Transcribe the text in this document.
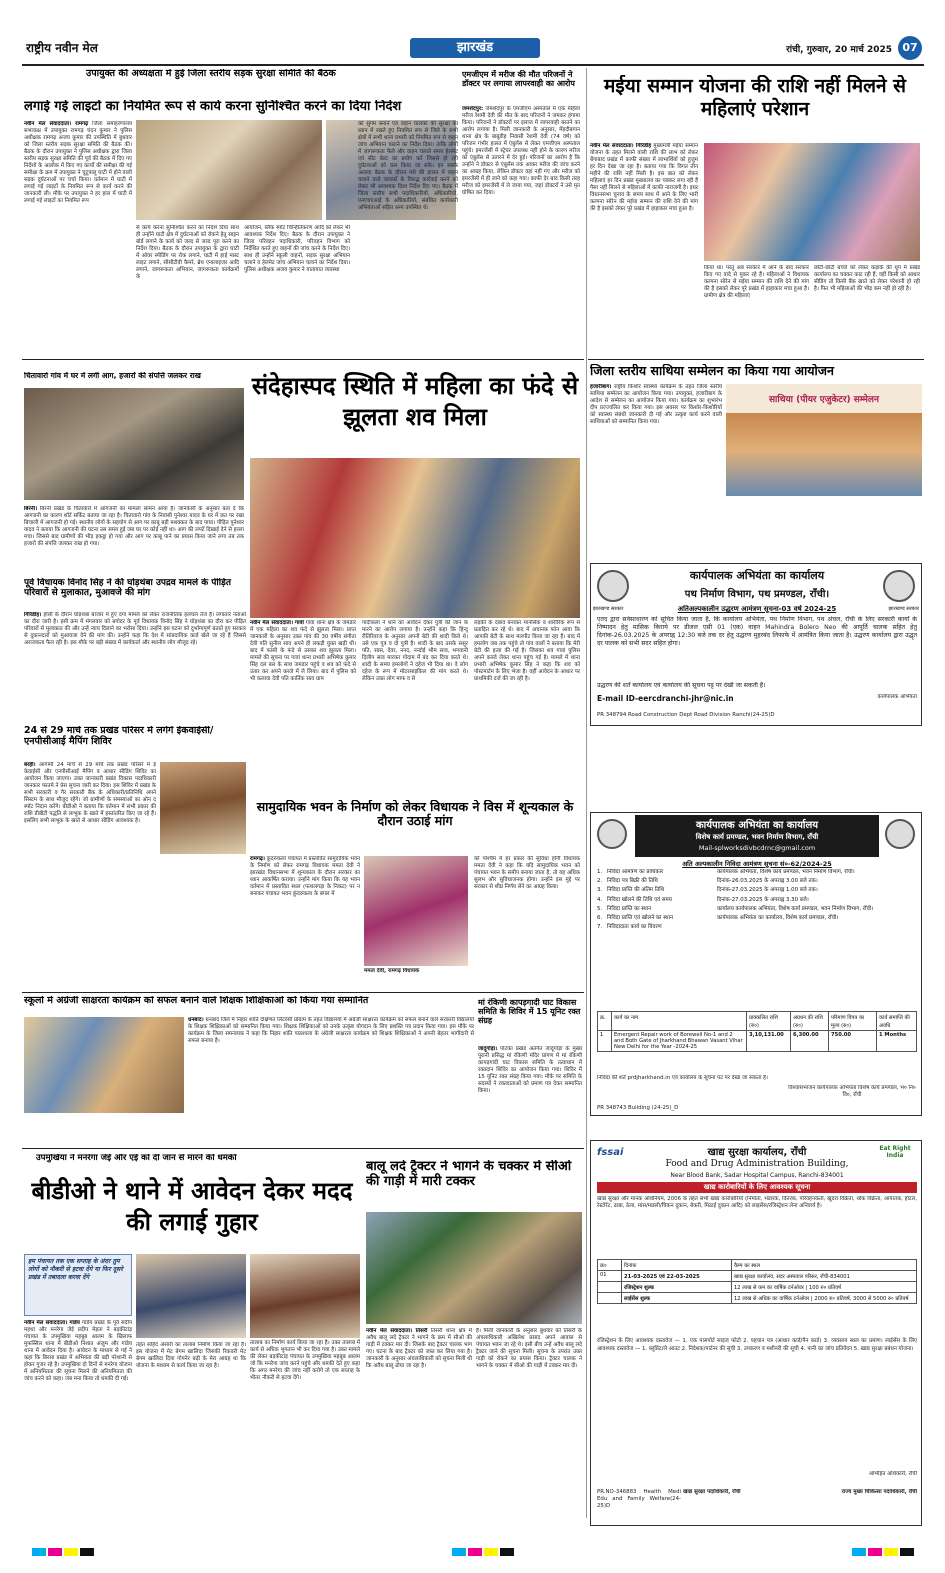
राष्ट्रीय नवीन मेल	झारखंड	रांची, गुरुवार, 20 मार्च 2025 07
उपायुक्त की अध्यक्षता में हुई जिला स्तरीय सड़क सुरक्षा समिति की बैठक
लगाई गई लाइटों का नियमित रूप से कार्य करना सुनिश्चित करने का दिया निर्देश
नवीन मेल संवाददाता। रामगढ़ जिला समाहरणालय सभाकक्ष में उपायुक्त रामगढ़ चंदन कुमार ने पुलिस अधीक्षक रामगढ़ अजय कुमार की उपस्थिति में बुधवार को जिला स्तरीय सड़क सुरक्षा समिति की बैठक की। बैठक के दौरान उपायुक्त ने पुलिस अधीक्षक द्वारा जिला स्तरीय सड़क सुरक्षा समिति की पूर्व की बैठक में दिए गए निर्देशों के आलोक में किए गए कार्यों की समीक्षा की गई समीक्षा के क्रम में उपायुक्त ने चुटूपालू घाटी में होने वाली सड़क दुर्घटनाओं पर चर्चा किया। वर्तमान में घाटी में लगाई गई लाइटों के नियमित रूप से कार्य करने की जानकारी ली। मौके पर उपायुक्त ने हर हाल में घाटी में लगाई गई लाइटों का नियमित रूप
से कार्य करना सुनिश्चित करने का निर्देश दिया साथ ही उन्होंने घाटी क्षेत्र में दुर्घटनाओं को रोकने हेतु साइन बोर्ड लगाने के कार्य को जल्द से जल्द पूरा करने का निर्देश दिया। बैठक के दौरान उपायुक्त के द्वारा घाटी में ओवर स्पीडिंग पर रोक लगाने, घाटी में हाई मास्ट लाइट लगाने, सीसीटीवी कैमरे, ब्रेथ एनालाइजर आदि लगाने, जागरूकता अभियान, जागरूकता कार्यक्रमों के
आयोजन, ब्लैक स्पॉट चिन्हितिकरण आदि को लेकर भी आवश्यक निर्देश दिए। बैठक के दौरान उपायुक्त ने जिला परिवहन पदाधिकारी, परिवहन विभाग को निर्देशित करते हुए वाहनों की जांच करने के निर्देश दिए। साथ ही उन्होंने स्कूली वाहनों, सड़क सुरक्षा अभियान चलाने व हेलमेट जांच अभियान चलाने का निर्देश दिया। पुलिस अधीक्षक अजय कुमार ने यातायात व्यवस्था
को सुगम बनाने एवं वाहन चालकों की सुरक्षा को ध्यान में रखते हुए नियमित रूप से जिले के सभी क्षेत्रों में सभी थाना प्रभारी को नियमित रूप से वाहन जांच अभियान चलाने का निर्देश दिया। ताकि लोगों में जागरूकता फैले और वाहन चलाते समय हेलमेट एवं सीट बेल्ट का प्रयोग करें जिससे हो रही दुर्घटनाओं को कम किया जा सके। इन सबके अलावा बैठक के दौरान नशे की हालत में वाहन चलाने वाले चालकों के विरुद्ध कार्रवाई करने को लेकर भी आवश्यक दिशा निर्देश दिए गए। बैठक में जिला स्तरीय सभी पदाधिकारियों, अधिकारियों, एनएचएआई के अधिकारियों, संबंधित कार्यकारी अभियंताओं सहित अन्य उपस्थित थे।
एमजीएम में मरीज की मौत परिजनों ने डॉक्टर पर लगाया लापरवाही का आरोप
जमशेदपुर: जमशेदपुर के एमजीएम अस्पताल में एक महिला मरीज रेशमी देवी की मौत के बाद परिजनों ने जमकर हंगामा किया। परिजनों ने डॉक्टरों पर इलाज में लापरवाही बरतने का आरोप लगाया है। मिली जानकारी के अनुसार, मेंहदीबगान थाना क्षेत्र के बाबूडीह निवासी रेशमी देवी (74 वर्ष) को परिजन गंभीर हालत में एंबुलेंस से लेकर एमजीएम अस्पताल पहुंचे। इमरजेंसी में स्ट्रेचर उपलब्ध नहीं होने के कारण मरीज को एंबुलेंस से उतारने में देर हुई। परिजनों का आरोप है कि उन्होंने ने डॉक्टर से एंबुलेंस तक आकर मरीज की जांच करने का आग्रह किया, लेकिन डॉक्टर वहां नहीं गए और मरीज को इमरजेंसी में ही लाने को कहा गया। काफी देर बाद किसी तरह मरीज को इमरजेंसी में ले जाया गया, जहां डॉक्टरों ने उसे मृत घोषित कर दिया।
मईया सम्मान योजना की राशि नहीं मिलने से महिलाएं परेशान
नवीन मेल संवाददाता। गिरिडीह मुख्यमंत्री मंईयां सम्मान योजना के तहत मिलने वाली राशि की लाभ को लेकर बेंगाबाद प्रखंड में काफी संख्या में लाभार्थियों को हुजुम हर दिन देखा जा रहा है। बताया गया कि विगत तीन महीने की राशि नहीं मिली है। इस बात को लेकर महिलाएं हर दिन प्रखंड मुख्यालय का चक्कर लगा रही हैं पैसा नहीं मिलने से महिलाओं में काफी नाराजगी है। इधर विधानसभा चुनाव के समय साथ में आने के लिए भारी कल्पना सोरेन की मईया सम्मान की राशि देने की मांग की है इसको लेकर पूरे प्रखंड में हाहाकार मचा हुआ है।
किया था। परंतु अब सरकार में आने के बाद सरकार किए गए वादे से मुकर रहे हैं। महिलाओं ने विधायक कल्पना सोरेन से मईया सम्मान की राशि देने की मांग की है इसको लेकर पूरे प्रखंड में हाहाकार मचा हुआ है। ग्रामीण क्षेत्र की महिलाएं
छोटी-छोटी बच्चों को लेकर कड़ाके की धूप में प्रखंड कार्यालय का चक्कर काट रही हैं, वहीं किसी को आधार सीडिंग तो किसी बैंक खाते को लेकर परेशानी हो रही है। फिर भी महिलाओं की भीड़ कम नहीं हो रही है।
चितावारो गांव में घर में लगी आग, हजारों की संपत्ति जलकर राख
बिरनी। बिरनी प्रखंड के चितावारो में आगजनी का मामला सामने आया है। जानकारी के अनुसार बता दें कि आगजनी का कारण शॉर्ट सर्किट बताया जा रहा है। चितावारो गांव के निवासी पुनेश्वर यादव के घर में छत पर रखा बिचाली में आगजनी हो गई। स्थानीय लोगों के सहयोग से आग पर काबू बड़ी मशक्कत के बाद पाया। पीड़ित पुनेश्वर यादव ने बताया कि आगजनी की घटना उस समय हुई जब घर पर कोई नहीं था। आग की लपटें दिखाई देने से हल्ला मचा। जिससे बाद ग्रामीणों की भीड़ इकट्ठा हो गया और आग पर काबू पाने का प्रयास किया जाने लगा तब तक हजारों की संपत्ति जलकर राख हो गया।
संदेहास्पद स्थिति में महिला का फंदे से झूलता शव मिला
नवीन मेल संवाददाता। गावां गावां थाना क्षेत्र के जमडार में एक महिला का शव फंदे से झूलता मिला। प्राप्त जानकारी के अनुसार उक्त गांव की 30 वर्षीय संगीता देवी पति सुनील साव अपने ही लकड़ी युक्त खड़ी थी। बाद में फांसी के फंदे से उसका शव झूलता मिला। मामले की सूचना पर गावां थाना प्रभारी अभिषेक कुमार सिंह दल बल के साथ जमडार पहुंचे व शव को फंदे से उतार कर अपने कब्जे में ले लिया। बाद में पुलिस को भी कलावा देवी पति कार्तिक साव ग्राम
गादीकला ने थाने को आवेदन देकर पुत्री की जान के मारने का आरोप लगाया है। उन्होंने कहा कि हिन्दू रीतिरिवाज के अनुसार अपनी बेटी की शादी किये थे। उसे एक पुत्र व दो पुत्री है। शादी के बाद उसके ससुर पति, सास, देवर, ननद, नन्दोई भीम साव, भगवानी दिलीप साव मारकर गोदाम में बंद कर दिया करते थे। शादी के समय हमलोगों ने दहेज भी दिया था। वे लोग दहेज के रूप में मोटरसाइकिल की मांग करते थे। लेकिन उक्त लोग माफ व से
लड़की के दबाव बनाकर मानसिक व शारीरिक रूप से प्रताड़ित कर रहे थे। बाद में अचानक फोन आया कि आपकी बेटी के साथ मारपीट किया जा रहा है। बाद में हमलोग जब तक पहुंचे तो गांव वालों ने बताया कि मेरी बेटी की हत्या की गई है। जिसका शव गावां पुलिस अपने कब्जे लेकर थाना पहुंच गई है। मामले में थाना प्रभारी अभिषेक कुमार सिंह ने कहा कि शव को पोस्टमार्टम के लिए भेजा है। वहीं आवेदन के आधार पर प्राथमिकी दर्ज की जा रही है।
पूर्व विधायक विनोद सिंह ने की घोड़थंबा उपद्रव मामले के पीड़ित परिवारों से मुलाकात, मुआवजे की मांग
गिरिडीह। होली के दौरान घोड़थंबा बाजार में हुए दंगा मामले को लेकर राजनीतिक हलचल तेज है। लगातार नेताओं का दौरा जारी है। इसी क्रम में मंगलवार को बगोदर के पूर्व विधायक विनोद सिंह ने घोड़थंबा का दौरा कर पीड़ित परिवारों से मुलाकात की और उन्हें न्याय दिलाने का भरोसा दिया। उन्होंने इस घटना को दुर्भाग्यपूर्ण बताते हुए सरकार से दुकानदारों को मुआवजा देने की मांग की। उन्होंने कहा कि देश में सांप्रदायिक कार्ड खेले जा रहे हैं जिससे अराजकता फैल रही है। इस मौके पर बड़ी संख्या में कार्यकर्ता और स्थानीय लोग मौजूद रहे।
24 से 29 मार्च तक प्रखंड परिसर में लगेंगे ईकवाईसी/एनपीसीआई मैपिंग शिविर
बरही। आगामी 24 मार्च से 29 मार्च तक प्रखंड परिसर में ई केवाईसी और एनपीसीआई मैपिंग व आधार सीडिंग शिविर का आयोजन किया जाएगा। उक्त जानकारी प्रखंड विकास पदाधिकारी जानकार फातमे ने प्रेस सूचना जारी कर दिया। इस शिविर में प्रखंड के सभी सरकारी व गैर सरकारी बैंक के अधिकारी/प्रतिनिधि अपने सिस्टम के साथ मौजूद रहेंगे। जो ग्रामीणों के समस्याओं का ऑन द स्पॉट निदान करेंगे। बीडीओ ने बताया कि वर्तमान में सभी प्रकार की राशि डीबीटी पद्धति से लाभुक के खाते में हस्तांतरित किए जा रहे हैं। इसलिए सभी लाभुक के खाते से आधार सीडिंग आवश्यक है।
सामुदायिक भवन के निर्माण को लेकर विधायक ने विस में शून्यकाल के दौरान उठाई मांग
रामगढ़। कुंदरुकला पंचायत में प्रस्तावित सामुदायिक भवन के निर्माण को लेकर रामगढ़ विधायक ममता देवी ने झारखंड विधानसभा में शून्यकाल के दौरान सरकार का ध्यान आकर्षित कराया। उन्होंने मांग किया कि यह भवन वर्तमान में प्रस्तावित स्थल (पत्थलगड़ा के निकट) पर न बनाकर पंचायत भवन कुंदरुकला के बगल में
ममता देवी, रामगढ़ विधायक
को पश्चिम में हर प्रकार की सुविधा होगी विधायक ममता देवी ने कहा कि यदि सामुदायिक भवन को पंचायत भवन के समीप बनाया जाता है, तो यह अधिक सुलभ और सुविधाजनक होगा। उन्होंने इस मुद्दे पर सरकार से शीघ्र निर्णय लेने का आग्रह किया।
स्कूलों में अंग्रेजी साक्षरता कार्यक्रम को सफल बनाने वाले शिक्षक शिक्षिकाओं को किया गया सम्मानित
धनबाद। धनबाद जिले में निहार शांति दक्षिणत लिटरेसी प्रोग्राम के तहत विद्यालयों में अंग्रेजी साक्षरता कार्यक्रम को सफल बनाने वाले सरकारी विद्यालयों के शिक्षक शिक्षिकाओं को सम्मानित किया गया। शिक्षक शिक्षिकाओं को उनके उत्कृष्ट योगदान के लिए प्रशस्ति पत्र प्रदान किया गया। इस मौके पर कार्यक्रम के जिला समन्वयक ने कहा कि निहार शांति पाठशाला के अंग्रेजी साक्षरता कार्यक्रम को शिक्षक शिक्षिकाओं ने अपनी बेहतर भागीदारी से सफल बनाया है।
मां रंकिणी कापड़गादी घाट विकास समिति के शिविर में 15 यूनिट रक्त संग्रह
जादूगोड़ा। पोटका प्रखंड अंतर्गत जादूगोड़ा के मुख्य पुरानी प्रसिद्ध मां रंकिणी मंदिर प्रांगण में मां रंकिणी कापड़गादी घाट विकास समिति के तत्वाधान में रक्तदान शिविर का आयोजन किया गया। शिविर में 15 यूनिट रक्त संग्रह किया गया। मौके पर समिति के सदस्यों ने रक्तदाताओं को प्रमाण पत्र देकर सम्मानित किया।
उपमुखिया ने मनरेगा जेई और एई को दी जान से मारने की धमकी
बीडीओ ने थाने में आवेदन देकर मदद की लगाई गुहार
हम पंचायत तक एक सप्ताह के अंदर तुम लोगों को नौकरी से हटवा देंगे या फिर दूसरे प्रखंड में तबादला करवा देंगे
नवीन मेल संवाददाता। गांडेय गांडेय प्रखंड के पूर्व संदीप महथा और मनरेगा जेई प्रदीप मेहता ने बड़कीटांड़ पंचायत के उपमुखिया महबूब आलम के खिलाफ मुफस्सिल थाना में बीडीओ निशात अंजुम और गांडेय थाना में आवेदन दिया है। आवेदन के माध्यम से गई ने कहा कि बिरसा प्रखंड में अभियंता की बड़ी परेशानी से होकर गुजर रहे है। उपमुखिया दो दिनों से मनरेगा योजना में अनियमितता की सूचना मिलने की अनियमितता की जांच करने को कहा। जब मना किया तो धमकी दी गई।
तहत सहिद अंसारी का तालाब निर्माण किया जा रहा है। इस योजना में मेट बेगम खालिदा जिसकी रिकवरी मेट बेगम खालिदा दिया गोपनेर बढ़ी के मेरा आग्रह था कि योजना के माध्यम से कार्य किया जा रहा है।
तालाब का निर्माण कार्य किया जा रहा है। उक्त तालाब में कार्य से अधिक भुगतान भी कर दिया गया है। उक्त मामले की लेकर बड़कीटांड़ पंचायत के उपमुखिया महबूब आलम जो कि मनरेगा जांच करने पहुंचे और धमकी देते हुए कहा कि अगर मनरेगा की जांच नहीं करोगे तो एक सप्ताह के भीतर नौकरी से हटवा देंगे।
बालू लदे ट्रैक्टर ने भागने के चक्कर में सीओ की गाड़ी में मारी टक्कर
नवीन मेल संवाददाता। तिसरी तिसरी थाना क्षेत्र में अवैध बालू लदे ट्रैक्टर ने भागने के क्रम में सीओ की गाड़ी में टक्कर मार दी। जिसके बाद ट्रैक्टर चालक भाग गए। घटना के बाद ट्रैक्टर को जब्त कर लिया गया है। जानकारी के अनुसार अंचलाधिकारी को सूचना मिली थी कि अवैध बालू ढोया जा रहा है।
है। मिली जानकारी के अनुसार बुधवार को तिसरी के अंचलाधिकारी अखिलेश प्रसाद अपने आवास से पंचायत भवन जा रहे थे। इसी बीच उन्हें अवैध बालू लदे ट्रैक्टर जाने की सूचना मिली। सूचना के उपरांत उक्त गाड़ी को रोकने का प्रयास किया। ट्रैक्टर चालक ने भागने के चक्कर में सीओ की गाड़ी में टक्कर मार दी।
जिला स्तरीय साथिया सम्मेलन का किया गया आयोजन
हजारीबाग। राष्ट्रीय किशोर स्वास्थ्य कार्यक्रम के तहत जिला स्तरीय साथिया सम्मेलन का आयोजन किया गया। उपायुक्त, हजारीबाग के आदेश से सम्मेलन का आयोजन किया गया। कार्यक्रम का शुभारंभ दीप प्रज्ज्वलित कर किया गया। इस अवसर पर किशोर-किशोरियों को स्वास्थ्य संबंधी जानकारी दी गई और उत्कृष्ट कार्य करने वाली साथियाओं को सम्मानित किया गया।
साथिया (पीयर एजुकेटर) सम्मेलन
कार्यपालक अभियंता का कार्यालय
पथ निर्माण विभाग, पथ प्रमण्डल, राँची।
झारखण्ड सरकार	अतिअल्पकालीन उद्धरण आमंत्रण सूचना-03 वर्ष 2024-25	झारखण्ड सरकार
एतद द्वारा सर्वसाधारण को सूचित किया जाता है, कि कार्यालय अभियंता, पथ निर्माण विभाग, पथ अंचल, राँची के लिए सरकारी कार्यों के निष्पादन हेतु मासिक किराये पर डीजल एसी 01 (एक) वाहन Mahindra Bolero Neo की आपूर्ति चालक सहित हेतु दिनांक-26.03.2025 के अपराह्न 12:30 बजे तक दर हेतु उद्धरण मुहरबंद लिफाफे में आमंत्रित किया जाता है। उद्धरण कार्यालय द्वारा उद्धृत दर पालक को सभी सदर सहित होगा।
उद्धरण की शर्तें कार्यालय एवं कार्यालय की सूचना पट्ट पर देखी जा सकती हैं।
E-mail ID-eercdranchi-jhr@nic.in	कार्यपालक अभियंता
PR 348794 Road Construction Dept Road Division Ranchi(24-25)D
कार्यपालक अभियंता का कार्यालय
विशेष कार्य प्रमण्डल, भवन निर्माण विभाग, राँची
Mail-splworksdivbcdrnc@gmail.com
अति अल्पकालीन निविदा आमंत्रण सूचना सं०-62/2024-25
1. निविदा आमंत्रण का प्राधिकार	कार्यपालक अभियंता, विशेष कार्य प्रमण्डल, भवन निर्माण विभाग, राँची।
2. निविदा पत्र बिक्री की तिथि	दिनांक-26.03.2025 के अपराह्न 3.00 बजे तक।
3. निविदा प्राप्ति की अंतिम तिथि	दिनांक-27.03.2025 के अपराह्न 1.00 बजे तक।
4. निविदा खोलने की तिथि एवं समय	दिनांक-27.03.2025 के अपराह्न 3.30 बजे।
5. निविदा प्राप्ति का स्थान	कार्यालय कार्यपालक अभियंता, विशेष कार्य प्रमण्डल, भवन निर्माण विभाग, राँची।
6. निविदा प्राप्ति एवं खोलने का स्थान	कार्यपालक अभियंता का कार्यालय, विशेष कार्य प्रमण्डल, राँची।
7. निविदादाता कार्य का विवरण
क्र.	कार्य का नाम	प्राक्कलित राशि (रु०)	अग्रधन की राशि (रु०)	परिमाण विपत्र का मूल्य (रु०)	कार्य समाप्ति की अवधि
1	Emergent Repair work of Borewell No-1 and 2 and Both Gate of Jharkhand Bhawan Vasant Vihar New Delhi for the Year -2024-25	3,10,131.00	6,300.00	750.00	1 Months
निविदा की शर्तें prdjharkhand.in एवं कार्यालय के सूचना पट पर देखा जा सकता है।
विश्वासभाजन कार्यपालक अभियंता विशेष कार्य प्रमण्डल, भ० नि० वि०, राँची
PR 348743 Building (24-25)_D
fssai	Eat Right India
खाद्य सुरक्षा कार्यालय, राँची
Food and Drug Administration Building,
Near Blood Bank, Sadar Hospital Campus, Ranchi-834001
खाद्य कारोबारियों के लिए आवश्यक सूचना
खाद्य सुरक्षा और मानक अधिनियम, 2006 के तहत सभी खाद्य कारोबारियों (निर्माता, भंडारक, वितरक, परिवहनकर्ता, खुदरा विक्रेता, थोक विक्रेता, आयातक, होटल, रेस्टोरेंट, ढाबा, ठेला, मांस/मछली/चिकन दुकान, बेकरी, मिठाई दुकान आदि) को लाइसेंस/रजिस्ट्रेशन लेना अनिवार्य है।
क्र०	दिनांक	कैम्प का स्थल
01	21-03-2025 एवं 22-03-2025	खाद्य सुरक्षा कार्यालय, सदर अस्पताल परिसर, राँची-834001
	रजिस्ट्रेशन शुल्क	12 लाख से कम का वार्षिक टर्नओवर | 100 रु० प्रतिवर्ष
	लाईसेंस शुल्क	12 लाख से अधिक का वार्षिक टर्नओवर | 2000 रु० प्रतिवर्ष, 3000 से 5000 रु० प्रतिवर्ष
रजिस्ट्रेशन के लिए आवश्यक दस्तावेज — 1. एक पासपोर्ट साइज फोटो 2. पहचान पत्र (आधार कार्ड/पैन कार्ड) 3. व्यवसाय स्थल का प्रमाण। लाईसेंस के लिए आवश्यक दस्तावेज — 1. ब्लूप्रिंट/ले आउट 2. निदेशक/पार्टनर की सूची 3. उपकरण व मशीनरी की सूची 4. पानी का जांच प्रतिवेदन 5. खाद्य सुरक्षा प्रबंधन योजना।
अभिहित अधिकारी, राँची
खाद्य सुरक्षा पदाधिकारी, राँची	राज्य मुख्य चिकित्सा पदाधिकारी, राँची
PR.NO-346883 Health Medi Edu and Family Welfare(24-25)D
